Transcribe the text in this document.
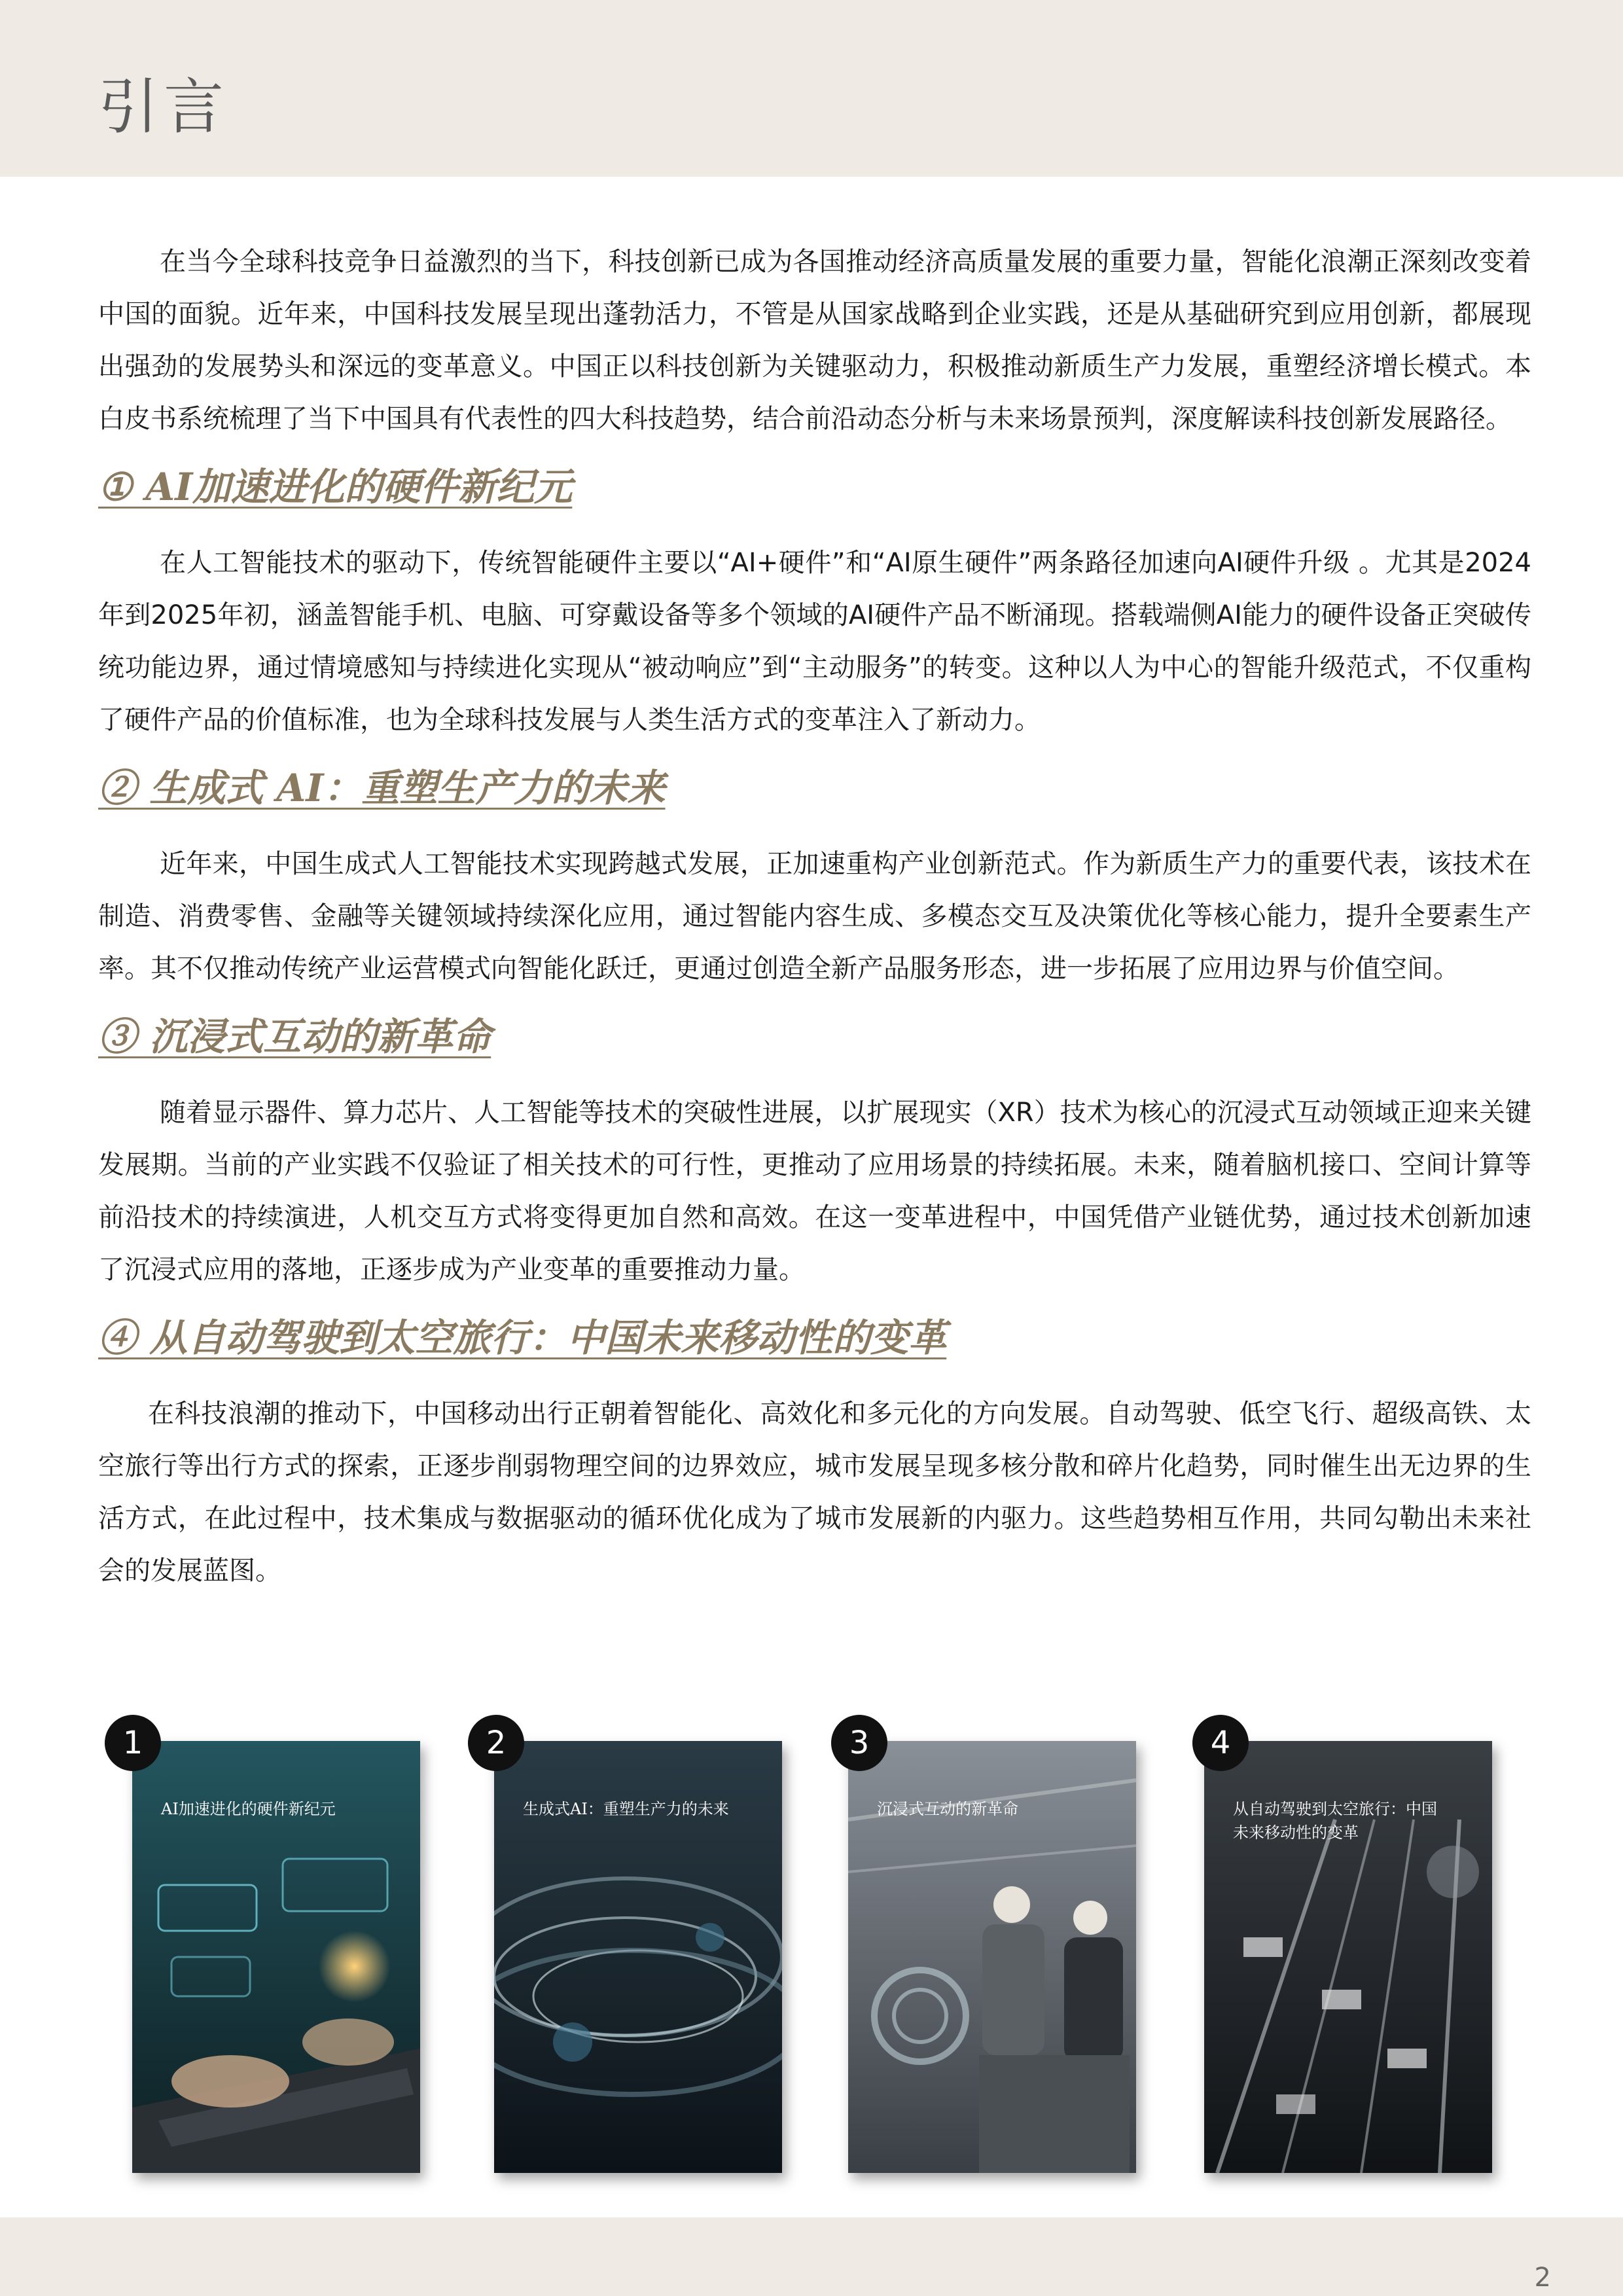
引言

在当今全球科技竞争日益激烈的当下，科技创新已成为各国推动经济高质量发展的重要力量，智能化浪潮正深刻改变着中国的面貌。近年来，中国科技发展呈现出蓬勃活力，不管是从国家战略到企业实践，还是从基础研究到应用创新，都展现出强劲的发展势头和深远的变革意义。中国正以科技创新为关键驱动力，积极推动新质生产力发展，重塑经济增长模式。本白皮书系统梳理了当下中国具有代表性的四大科技趋势，结合前沿动态分析与未来场景预判，深度解读科技创新发展路径。

① AI加速进化的硬件新纪元

在人工智能技术的驱动下，传统智能硬件主要以“AI+硬件”和“AI原生硬件”两条路径加速向AI硬件升级 。尤其是2024年到2025年初，涵盖智能手机、电脑、可穿戴设备等多个领域的AI硬件产品不断涌现。搭载端侧AI能力的硬件设备正突破传统功能边界，通过情境感知与持续进化实现从“被动响应”到“主动服务”的转变。这种以人为中心的智能升级范式，不仅重构了硬件产品的价值标准，也为全球科技发展与人类生活方式的变革注入了新动力。

② 生成式 AI：重塑生产力的未来

近年来，中国生成式人工智能技术实现跨越式发展，正加速重构产业创新范式。作为新质生产力的重要代表，该技术在制造、消费零售、金融等关键领域持续深化应用，通过智能内容生成、多模态交互及决策优化等核心能力，提升全要素生产率。其不仅推动传统产业运营模式向智能化跃迁，更通过创造全新产品服务形态，进一步拓展了应用边界与价值空间。

③ 沉浸式互动的新革命

随着显示器件、算力芯片、人工智能等技术的突破性进展，以扩展现实（XR）技术为核心的沉浸式互动领域正迎来关键发展期。当前的产业实践不仅验证了相关技术的可行性，更推动了应用场景的持续拓展。未来，随着脑机接口、空间计算等前沿技术的持续演进，人机交互方式将变得更加自然和高效。在这一变革进程中，中国凭借产业链优势，通过技术创新加速了沉浸式应用的落地，正逐步成为产业变革的重要推动力量。

④ 从自动驾驶到太空旅行：中国未来移动性的变革

在科技浪潮的推动下，中国移动出行正朝着智能化、高效化和多元化的方向发展。自动驾驶、低空飞行、超级高铁、太空旅行等出行方式的探索，正逐步削弱物理空间的边界效应，城市发展呈现多核分散和碎片化趋势，同时催生出无边界的生活方式，在此过程中，技术集成与数据驱动的循环优化成为了城市发展新的内驱力。这些趋势相互作用，共同勾勒出未来社会的发展蓝图。

1
AI加速进化的硬件新纪元
2
生成式AI：重塑生产力的未来
3
沉浸式互动的新革命
4
从自动驾驶到太空旅行：中国未来移动性的变革
2
